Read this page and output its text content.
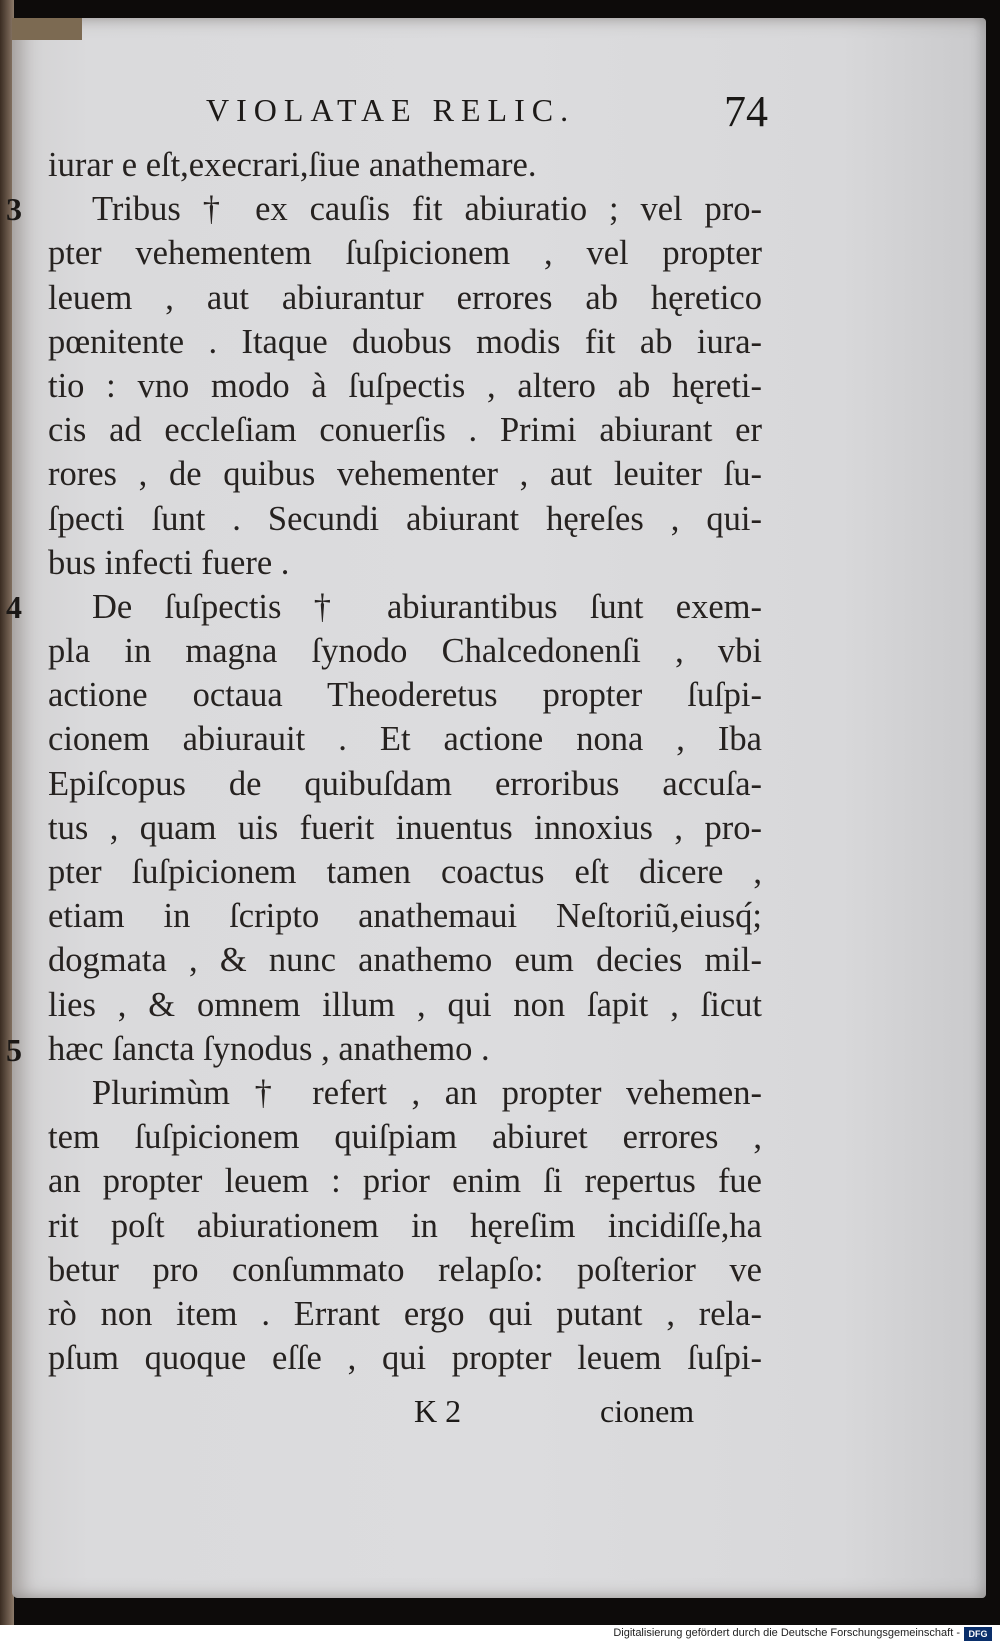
VIOLATAE RELIC.	74
3
4
5
iurar e eſt,execrari,ſiue anathemare.
Tribus † ex cauſis fit abiuratio ; vel pro-
pter vehementem ſuſpicionem , vel propter
leuem , aut abiurantur errores ab hęretico
pœnitente . Itaque duobus modis fit ab iura-
tio : vno modo à ſuſpectis , altero ab hęreti-
cis ad eccleſiam conuerſis . Primi abiurant er
rores , de quibus vehementer , aut leuiter ſu-
ſpecti ſunt . Secundi abiurant hęreſes , qui-
bus infecti fuere .
De ſuſpectis † abiurantibus ſunt exem-
pla in magna ſynodo Chalcedonenſi , vbi
actione octaua Theoderetus propter ſuſpi-
cionem abiurauit . Et actione nona , Iba
Epiſcopus de quibuſdam erroribus accuſa-
tus , quam uis fuerit inuentus innoxius , pro-
pter ſuſpicionem tamen coactus eſt dicere ,
etiam in ſcripto anathemaui Neſtoriũ,eiusq́;
dogmata , & nunc anathemo eum decies mil-
lies , & omnem illum , qui non ſapit , ſicut
hæc ſancta ſynodus , anathemo .
Plurimùm † refert , an propter vehemen-
tem ſuſpicionem quiſpiam abiuret errores ,
an propter leuem : prior enim ſi repertus fue
rit poſt abiurationem in hęreſim incidiſſe,ha
betur pro conſummato relapſo: poſterior ve
rò non item . Errant ergo qui putant , rela-
pſum quoque eſſe , qui propter leuem ſuſpi-
K 2	cionem
Digitalisierung gefördert durch die Deutsche Forschungsgemeinschaft - DFG
